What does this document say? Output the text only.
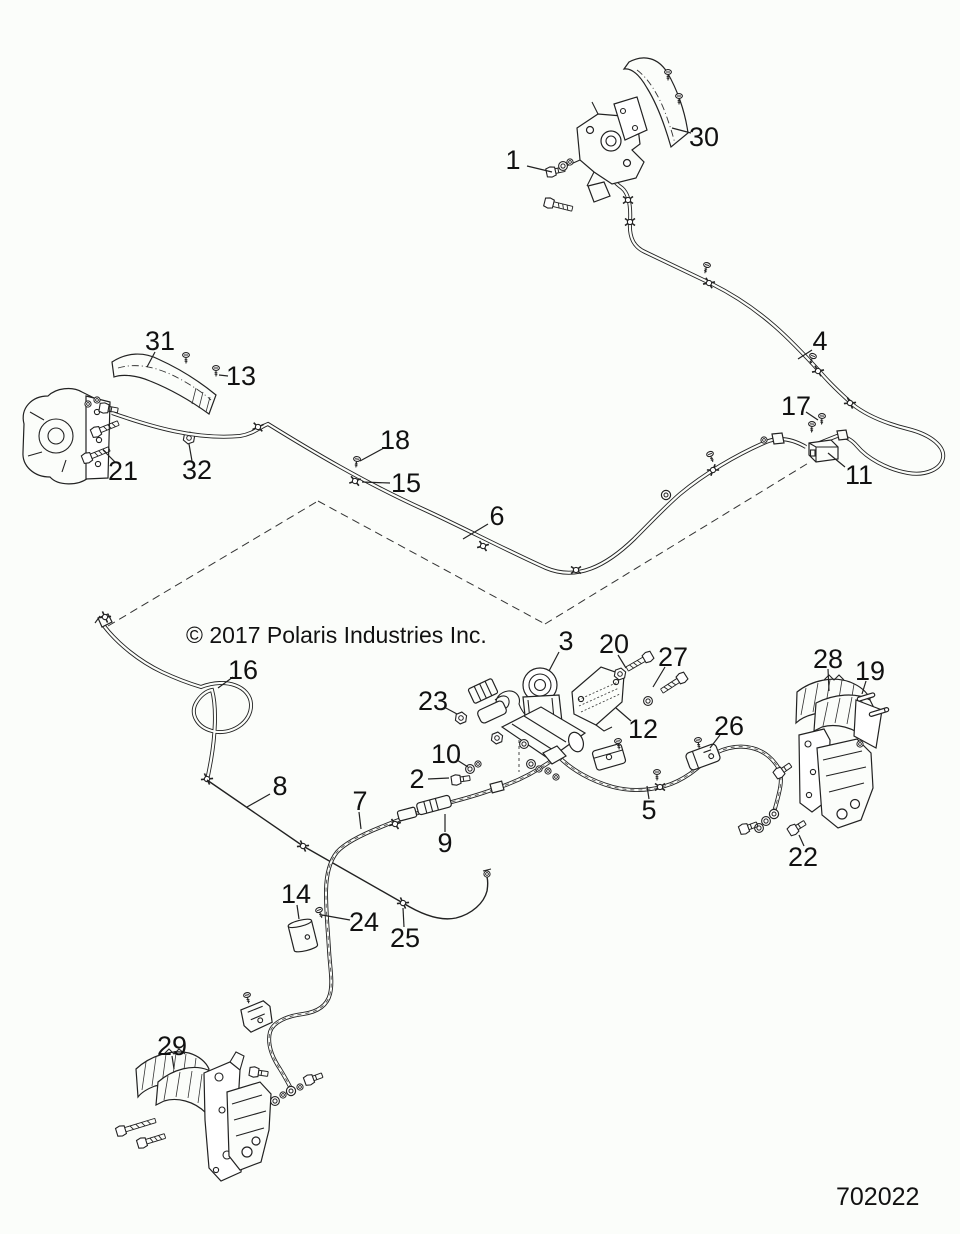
1
2
3
4
5
6
7
8
9
10
11
12
13
14
15
16
17
18
19
20
21
22
23
24
25
26
27	28
29
30
31
32
© 2017 Polaris Industries Inc.
702022
